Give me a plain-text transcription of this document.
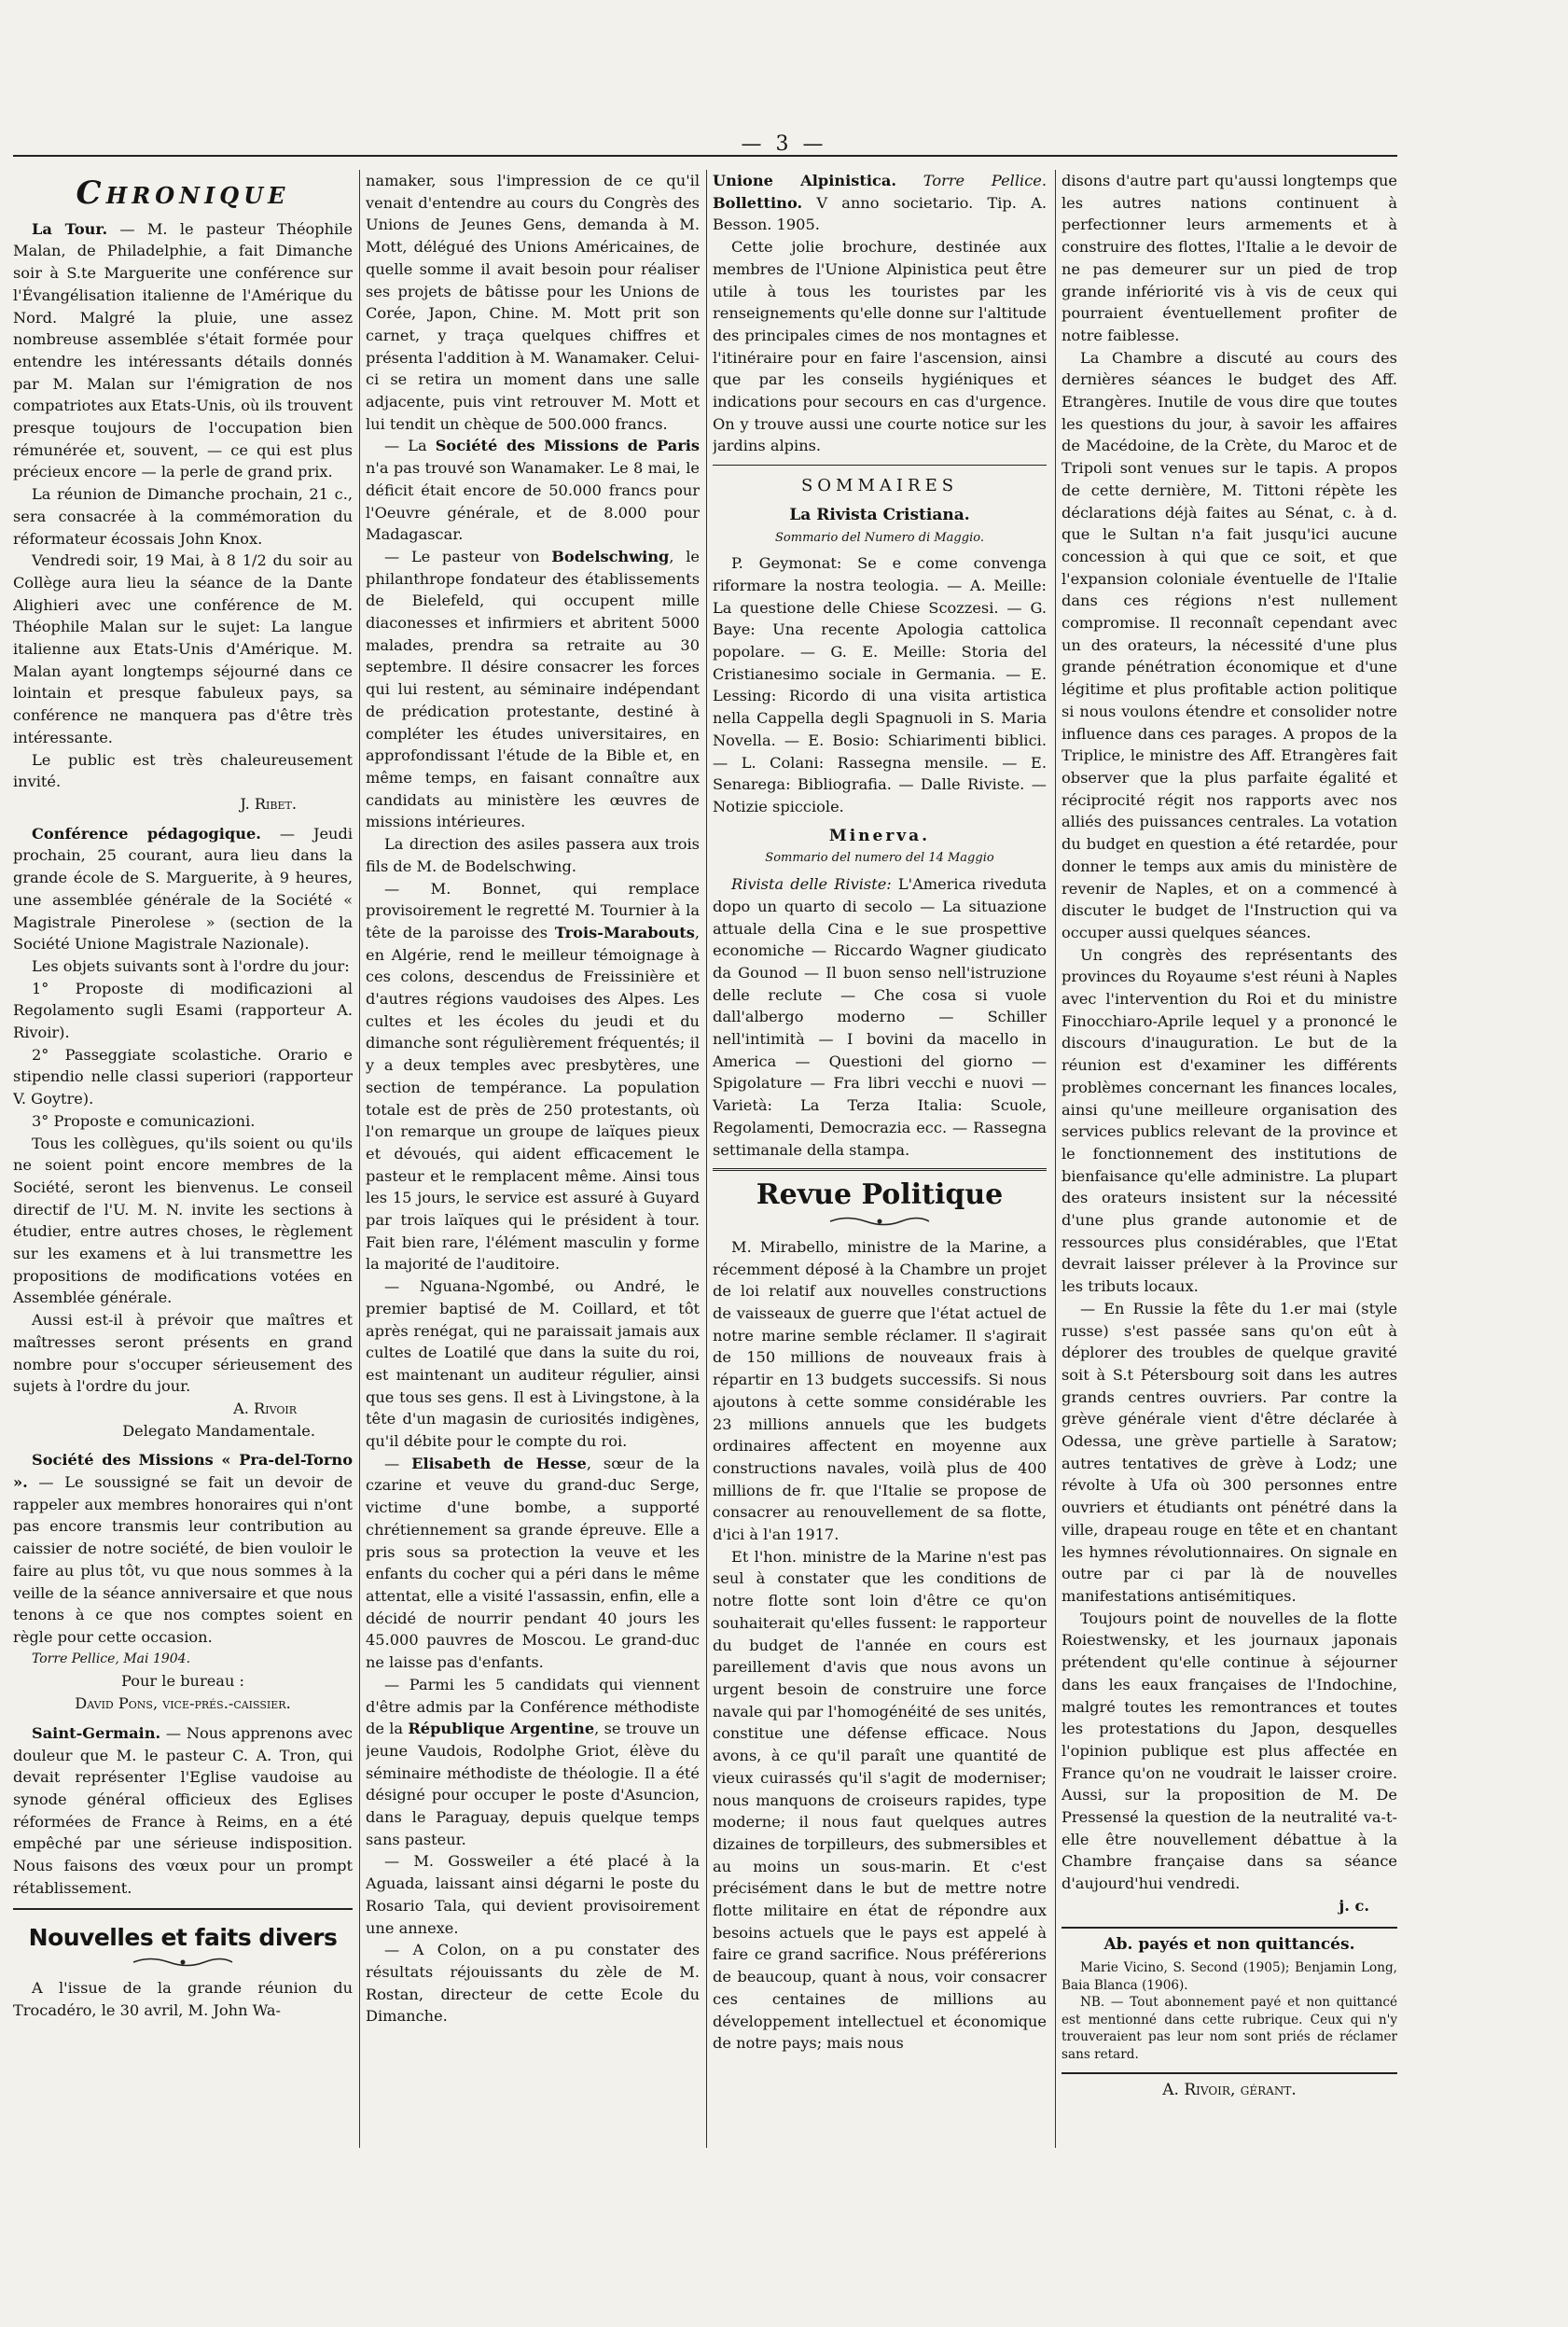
— 3 —
Chronique

La Tour. — M. le pasteur Théophile Malan, de Philadelphie, a fait Dimanche soir à S.te Marguerite une conférence sur l'Évangélisation italienne de l'Amérique du Nord. Malgré la pluie, une assez nombreuse assemblée s'était formée pour entendre les intéressants détails donnés par M. Malan sur l'émigration de nos compatriotes aux Etats-Unis, où ils trouvent presque toujours de l'occupation bien rémunérée et, souvent, — ce qui est plus précieux encore — la perle de grand prix.

La réunion de Dimanche prochain, 21 c., sera consacrée à la commémoration du réformateur écossais John Knox.

Vendredi soir, 19 Mai, à 8 1/2 du soir au Collège aura lieu la séance de la Dante Alighieri avec une conférence de M. Théophile Malan sur le sujet: La langue italienne aux Etats-Unis d'Amérique. M. Malan ayant longtemps séjourné dans ce lointain et presque fabuleux pays, sa conférence ne manquera pas d'être très intéressante.

Le public est très chaleureusement invité.

J. Ribet.

Conférence pédagogique. — Jeudi prochain, 25 courant, aura lieu dans la grande école de S. Marguerite, à 9 heures, une assemblée générale de la Société « Magistrale Pinerolese » (section de la Société Unione Magistrale Nazionale).

Les objets suivants sont à l'ordre du jour:

1° Proposte di modificazioni al Regolamento sugli Esami (rapporteur A. Rivoir).

2° Passeggiate scolastiche. Orario e stipendio nelle classi superiori (rapporteur V. Goytre).

3° Proposte e comunicazioni.

Tous les collègues, qu'ils soient ou qu'ils ne soient point encore membres de la Société, seront les bienvenus. Le conseil directif de l'U. M. N. invite les sections à étudier, entre autres choses, le règlement sur les examens et à lui transmettre les propositions de modifications votées en Assemblée générale.

Aussi est-il à prévoir que maîtres et maîtresses seront présents en grand nombre pour s'occuper sérieusement des sujets à l'ordre du jour.

A. Rivoir
Delegato Mandamentale.

Société des Missions « Pra-del-Torno ». — Le soussigné se fait un devoir de rappeler aux membres honoraires qui n'ont pas encore transmis leur contribution au caissier de notre société, de bien vouloir le faire au plus tôt, vu que nous sommes à la veille de la séance anniversaire et que nous tenons à ce que nos comptes soient en règle pour cette occasion.

Torre Pellice, Mai 1904.

Pour le bureau :
David Pons, vice-prés.-caissier.

Saint-Germain. — Nous apprenons avec douleur que M. le pasteur C. A. Tron, qui devait représenter l'Eglise vaudoise au synode général officieux des Eglises réformées de France à Reims, en a été empêché par une sérieuse indisposition. Nous faisons des vœux pour un prompt rétablissement.

Nouvelles et faits divers

A l'issue de la grande réunion du Trocadéro, le 30 avril, M. John Wa-

namaker, sous l'impression de ce qu'il venait d'entendre au cours du Congrès des Unions de Jeunes Gens, demanda à M. Mott, délégué des Unions Américaines, de quelle somme il avait besoin pour réaliser ses projets de bâtisse pour les Unions de Corée, Japon, Chine. M. Mott prit son carnet, y traça quelques chiffres et présenta l'addition à M. Wanamaker. Celui-ci se retira un moment dans une salle adjacente, puis vint retrouver M. Mott et lui tendit un chèque de 500.000 francs.

— La Société des Missions de Paris n'a pas trouvé son Wanamaker. Le 8 mai, le déficit était encore de 50.000 francs pour l'Oeuvre générale, et de 8.000 pour Madagascar.

— Le pasteur von Bodelschwing, le philanthrope fondateur des établissements de Bielefeld, qui occupent mille diaconesses et infirmiers et abritent 5000 malades, prendra sa retraite au 30 septembre. Il désire consacrer les forces qui lui restent, au séminaire indépendant de prédication protestante, destiné à compléter les études universitaires, en approfondissant l'étude de la Bible et, en même temps, en faisant connaître aux candidats au ministère les œuvres de missions intérieures.

La direction des asiles passera aux trois fils de M. de Bodelschwing.

— M. Bonnet, qui remplace provisoirement le regretté M. Tournier à la tête de la paroisse des Trois-Marabouts, en Algérie, rend le meilleur témoignage à ces colons, descendus de Freissinière et d'autres régions vaudoises des Alpes. Les cultes et les écoles du jeudi et du dimanche sont régulièrement fréquentés; il y a deux temples avec presbytères, une section de tempérance. La population totale est de près de 250 protestants, où l'on remarque un groupe de laïques pieux et dévoués, qui aident efficacement le pasteur et le remplacent même. Ainsi tous les 15 jours, le service est assuré à Guyard par trois laïques qui le président à tour. Fait bien rare, l'élément masculin y forme la majorité de l'auditoire.

— Nguana-Ngombé, ou André, le premier baptisé de M. Coillard, et tôt après renégat, qui ne paraissait jamais aux cultes de Loatilé que dans la suite du roi, est maintenant un auditeur régulier, ainsi que tous ses gens. Il est à Livingstone, à la tête d'un magasin de curiosités indigènes, qu'il débite pour le compte du roi.

— Elisabeth de Hesse, sœur de la czarine et veuve du grand-duc Serge, victime d'une bombe, a supporté chrétiennement sa grande épreuve. Elle a pris sous sa protection la veuve et les enfants du cocher qui a péri dans le même attentat, elle a visité l'assassin, enfin, elle a décidé de nourrir pendant 40 jours les 45.000 pauvres de Moscou. Le grand-duc ne laisse pas d'enfants.

— Parmi les 5 candidats qui viennent d'être admis par la Conférence méthodiste de la République Argentine, se trouve un jeune Vaudois, Rodolphe Griot, élève du séminaire méthodiste de théologie. Il a été désigné pour occuper le poste d'Asuncion, dans le Paraguay, depuis quelque temps sans pasteur.

— M. Gossweiler a été placé à la Aguada, laissant ainsi dégarni le poste du Rosario Tala, qui devient provisoirement une annexe.

— A Colon, on a pu constater des résultats réjouissants du zèle de M. Rostan, directeur de cette Ecole du Dimanche.

Unione Alpinistica. Torre Pellice. Bollettino. V anno societario. Tip. A. Besson. 1905.

Cette jolie brochure, destinée aux membres de l'Unione Alpinistica peut être utile à tous les touristes par les renseignements qu'elle donne sur l'altitude des principales cimes de nos montagnes et l'itinéraire pour en faire l'ascension, ainsi que par les conseils hygiéniques et indications pour secours en cas d'urgence. On y trouve aussi une courte notice sur les jardins alpins.

SOMMAIRES
La Rivista Cristiana.
Sommario del Numero di Maggio.

P. Geymonat: Se e come convenga riformare la nostra teologia. — A. Meille: La questione delle Chiese Scozzesi. — G. Baye: Una recente Apologia cattolica popolare. — G. E. Meille: Storia del Cristianesimo sociale in Germania. — E. Lessing: Ricordo di una visita artistica nella Cappella degli Spagnuoli in S. Maria Novella. — E. Bosio: Schiarimenti biblici. — L. Colani: Rassegna mensile. — E. Senarega: Bibliografia. — Dalle Riviste. — Notizie spicciole.

Minerva.
Sommario del numero del 14 Maggio

Rivista delle Riviste: L'America riveduta dopo un quarto di secolo — La situazione attuale della Cina e le sue prospettive economiche — Riccardo Wagner giudicato da Gounod — Il buon senso nell'istruzione delle reclute — Che cosa si vuole dall'albergo moderno — Schiller nell'intimità — I bovini da macello in America — Questioni del giorno — Spigolature — Fra libri vecchi e nuovi — Varietà: La Terza Italia: Scuole, Regolamenti, Democrazia ecc. — Rassegna settimanale della stampa.

Revue Politique

M. Mirabello, ministre de la Marine, a récemment déposé à la Chambre un projet de loi relatif aux nouvelles constructions de vaisseaux de guerre que l'état actuel de notre marine semble réclamer. Il s'agirait de 150 millions de nouveaux frais à répartir en 13 budgets successifs. Si nous ajoutons à cette somme considérable les 23 millions annuels que les budgets ordinaires affectent en moyenne aux constructions navales, voilà plus de 400 millions de fr. que l'Italie se propose de consacrer au renouvellement de sa flotte, d'ici à l'an 1917.

Et l'hon. ministre de la Marine n'est pas seul à constater que les conditions de notre flotte sont loin d'être ce qu'on souhaiterait qu'elles fussent: le rapporteur du budget de l'année en cours est pareillement d'avis que nous avons un urgent besoin de construire une force navale qui par l'homogénéité de ses unités, constitue une défense efficace. Nous avons, à ce qu'il paraît une quantité de vieux cuirassés qu'il s'agit de moderniser; nous manquons de croiseurs rapides, type moderne; il nous faut quelques autres dizaines de torpilleurs, des submersibles et au moins un sous-marin. Et c'est précisément dans le but de mettre notre flotte militaire en état de répondre aux besoins actuels que le pays est appelé à faire ce grand sacrifice. Nous préférerions de beaucoup, quant à nous, voir consacrer ces centaines de millions au développement intellectuel et économique de notre pays; mais nous

disons d'autre part qu'aussi longtemps que les autres nations continuent à perfectionner leurs armements et à construire des flottes, l'Italie a le devoir de ne pas demeurer sur un pied de trop grande infériorité vis à vis de ceux qui pourraient éventuellement profiter de notre faiblesse.

La Chambre a discuté au cours des dernières séances le budget des Aff. Etrangères. Inutile de vous dire que toutes les questions du jour, à savoir les affaires de Macédoine, de la Crète, du Maroc et de Tripoli sont venues sur le tapis. A propos de cette dernière, M. Tittoni répète les déclarations déjà faites au Sénat, c. à d. que le Sultan n'a fait jusqu'ici aucune concession à qui que ce soit, et que l'expansion coloniale éventuelle de l'Italie dans ces régions n'est nullement compromise. Il reconnaît cependant avec un des orateurs, la nécessité d'une plus grande pénétration économique et d'une légitime et plus profitable action politique si nous voulons étendre et consolider notre influence dans ces parages. A propos de la Triplice, le ministre des Aff. Etrangères fait observer que la plus parfaite égalité et réciprocité régit nos rapports avec nos alliés des puissances centrales. La votation du budget en question a été retardée, pour donner le temps aux amis du ministère de revenir de Naples, et on a commencé à discuter le budget de l'Instruction qui va occuper aussi quelques séances.

Un congrès des représentants des provinces du Royaume s'est réuni à Naples avec l'intervention du Roi et du ministre Finocchiaro-Aprile lequel y a prononcé le discours d'inauguration. Le but de la réunion est d'examiner les différents problèmes concernant les finances locales, ainsi qu'une meilleure organisation des services publics relevant de la province et le fonctionnement des institutions de bienfaisance qu'elle administre. La plupart des orateurs insistent sur la nécessité d'une plus grande autonomie et de ressources plus considérables, que l'Etat devrait laisser prélever à la Province sur les tributs locaux.

— En Russie la fête du 1.er mai (style russe) s'est passée sans qu'on eût à déplorer des troubles de quelque gravité soit à S.t Pétersbourg soit dans les autres grands centres ouvriers. Par contre la grève générale vient d'être déclarée à Odessa, une grève partielle à Saratow; autres tentatives de grève à Lodz; une révolte à Ufa où 300 personnes entre ouvriers et étudiants ont pénétré dans la ville, drapeau rouge en tête et en chantant les hymnes révolutionnaires. On signale en outre par ci par là de nouvelles manifestations antisémitiques.

Toujours point de nouvelles de la flotte Roiestwensky, et les journaux japonais prétendent qu'elle continue à séjourner dans les eaux françaises de l'Indochine, malgré toutes les remontrances et toutes les protestations du Japon, desquelles l'opinion publique est plus affectée en France qu'on ne voudrait le laisser croire. Aussi, sur la proposition de M. De Pressensé la question de la neutralité va-t-elle être nouvellement débattue à la Chambre française dans sa séance d'aujourd'hui vendredi.

j. c.
Ab. payés et non quittancés.

Marie Vicino, S. Second (1905); Benjamin Long, Baia Blanca (1906).

NB. — Tout abonnement payé et non quittancé est mentionné dans cette rubrique. Ceux qui n'y trouveraient pas leur nom sont priés de réclamer sans retard.

A. Rivoir, gérant.
